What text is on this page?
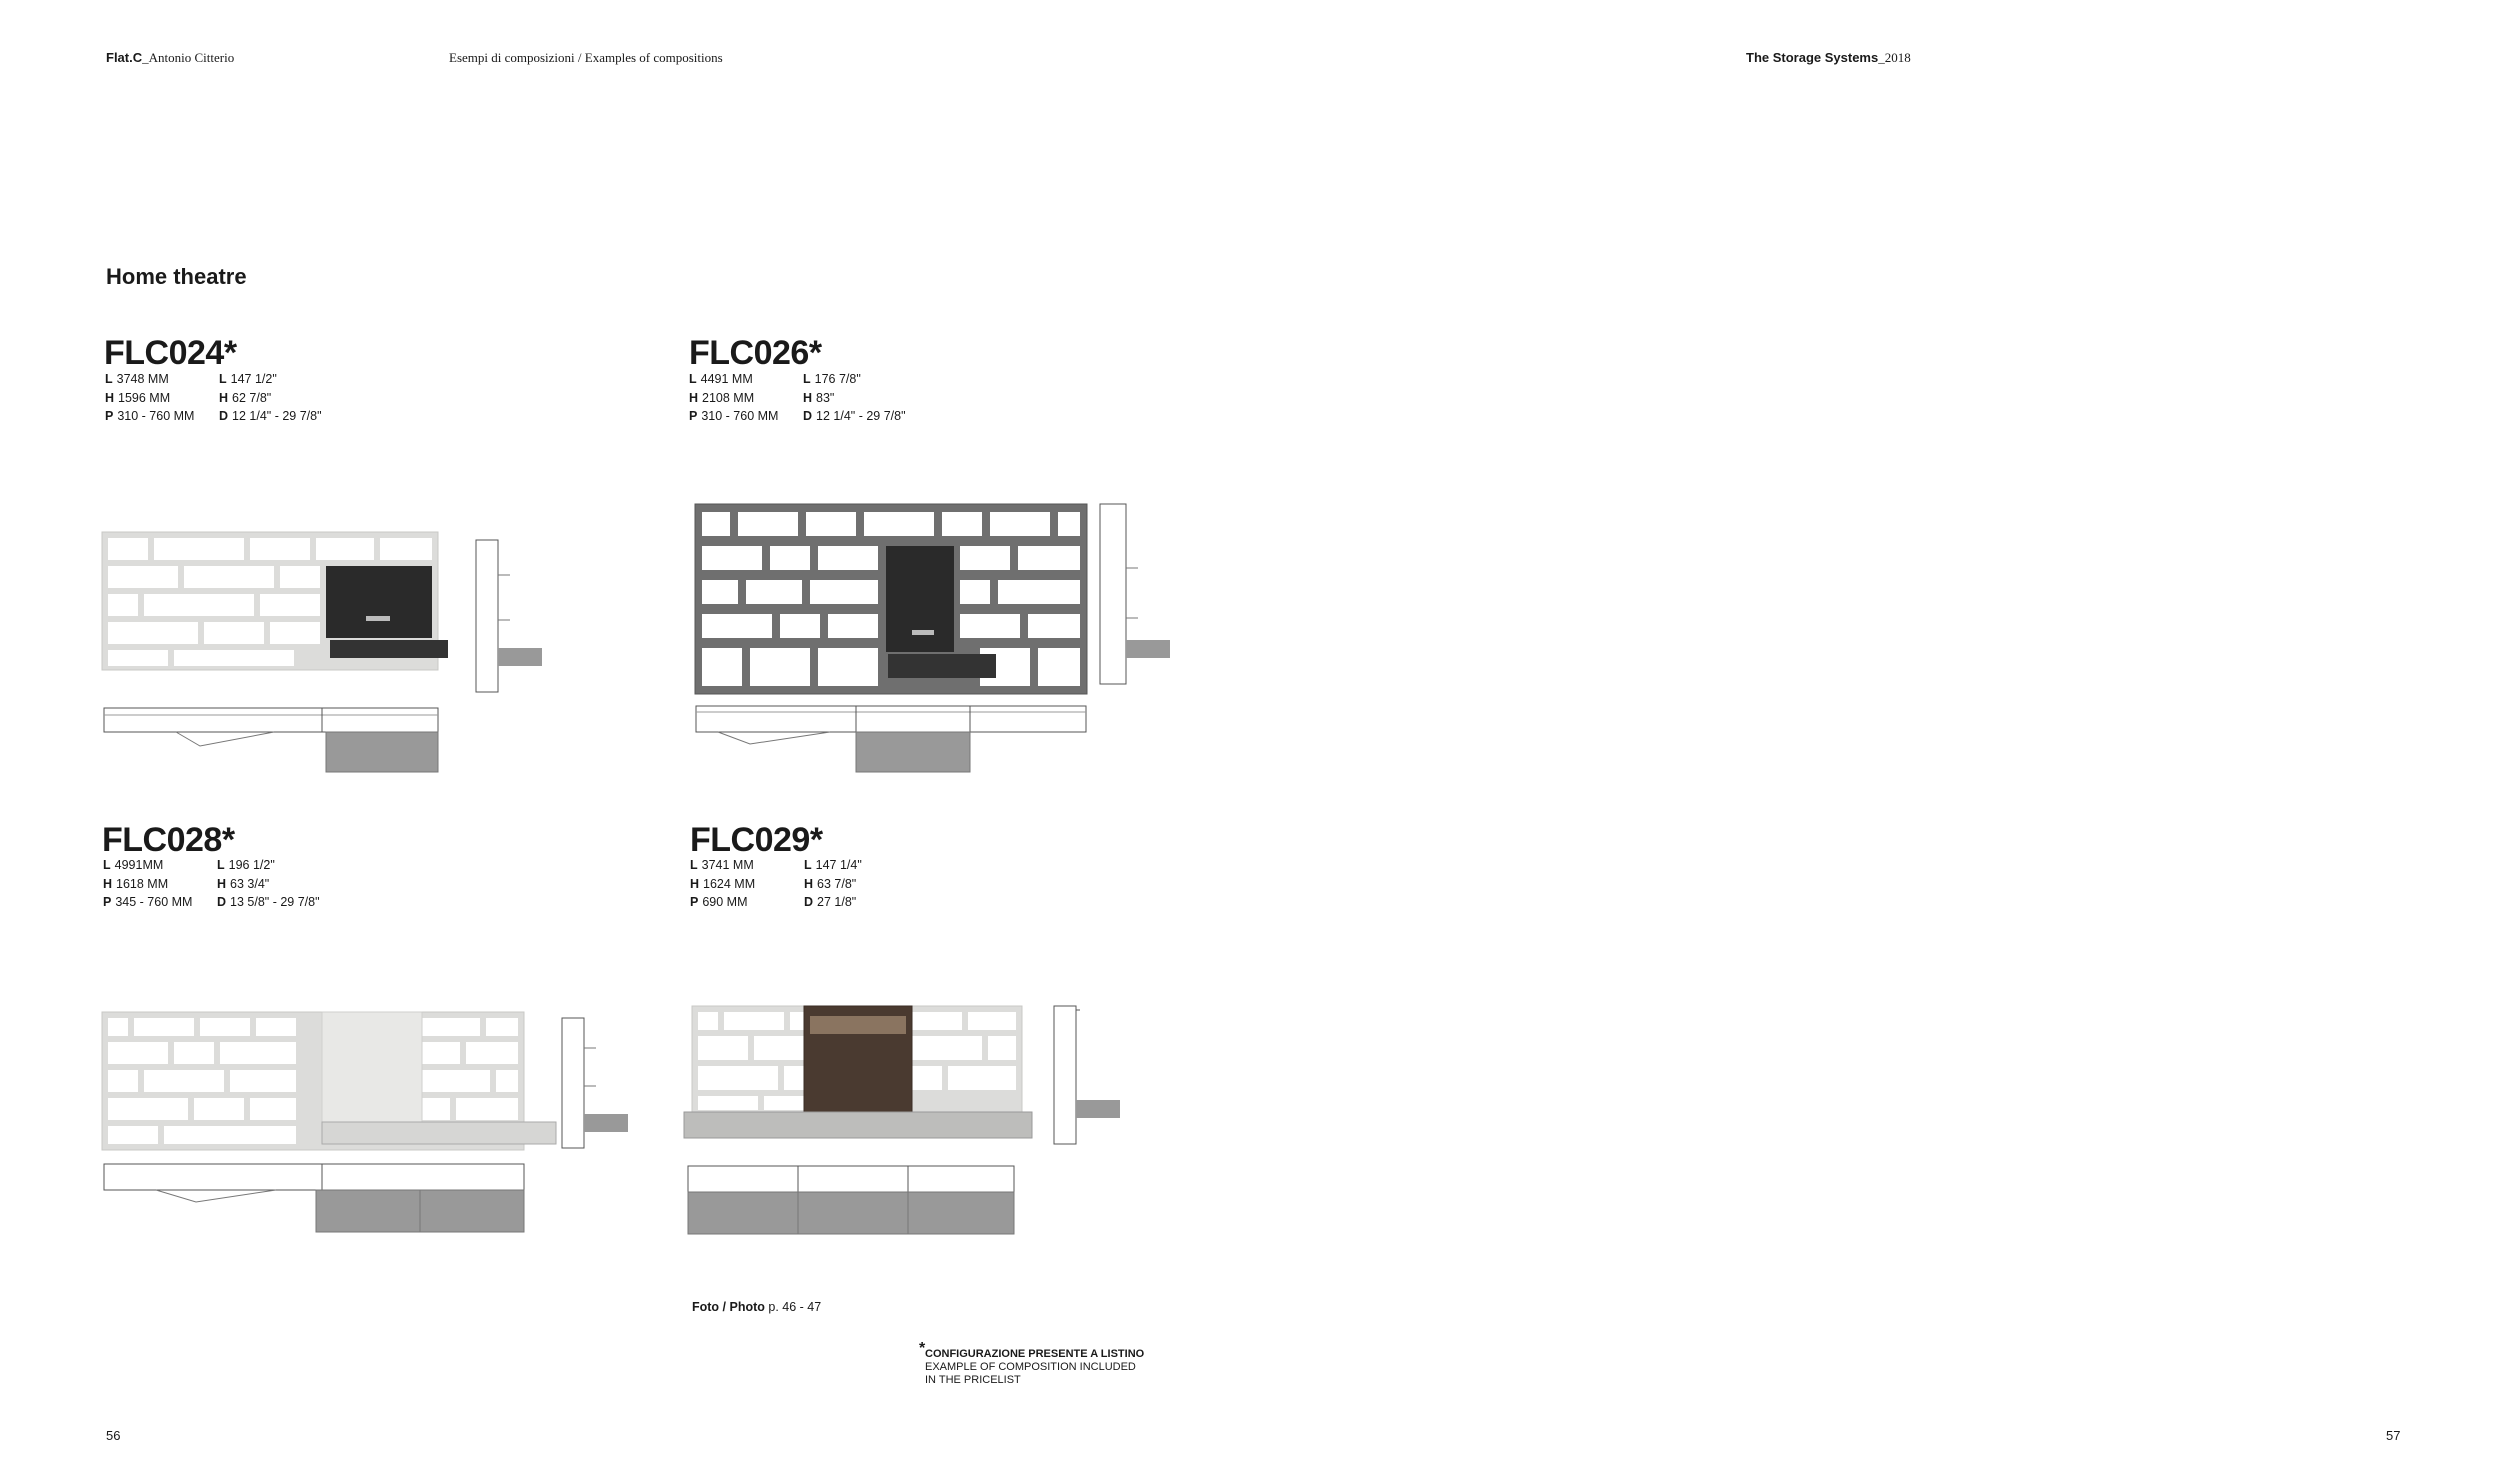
Flat.C_Antonio Citterio	Esempi di composizioni / Examples of compositions	The Storage Systems_2018
Home theatre
FLC024*
L 3748 MM	L 147 1/2"
H 1596 MM	H 62 7/8"
P 310 - 760 MM	D 12 1/4" - 29 7/8"
FLC026*
L 4491 MM	L 176 7/8"
H 2108 MM	H 83"
P 310 - 760 MM	D 12 1/4" - 29 7/8"
FLC028*
L 4991MM	L 196 1/2"
H 1618 MM	H 63 3/4"
P 345 - 760 MM	D 13 5/8" - 29 7/8"
FLC029*
L 3741 MM	L 147 1/4"
H 1624 MM	H 63 7/8"
P 690 MM	D 27 1/8"
Foto / Photo p. 46 - 47
* CONFIGURAZIONE PRESENTE A LISTINO
EXAMPLE OF COMPOSITION INCLUDED
IN THE PRICELIST
56	57
